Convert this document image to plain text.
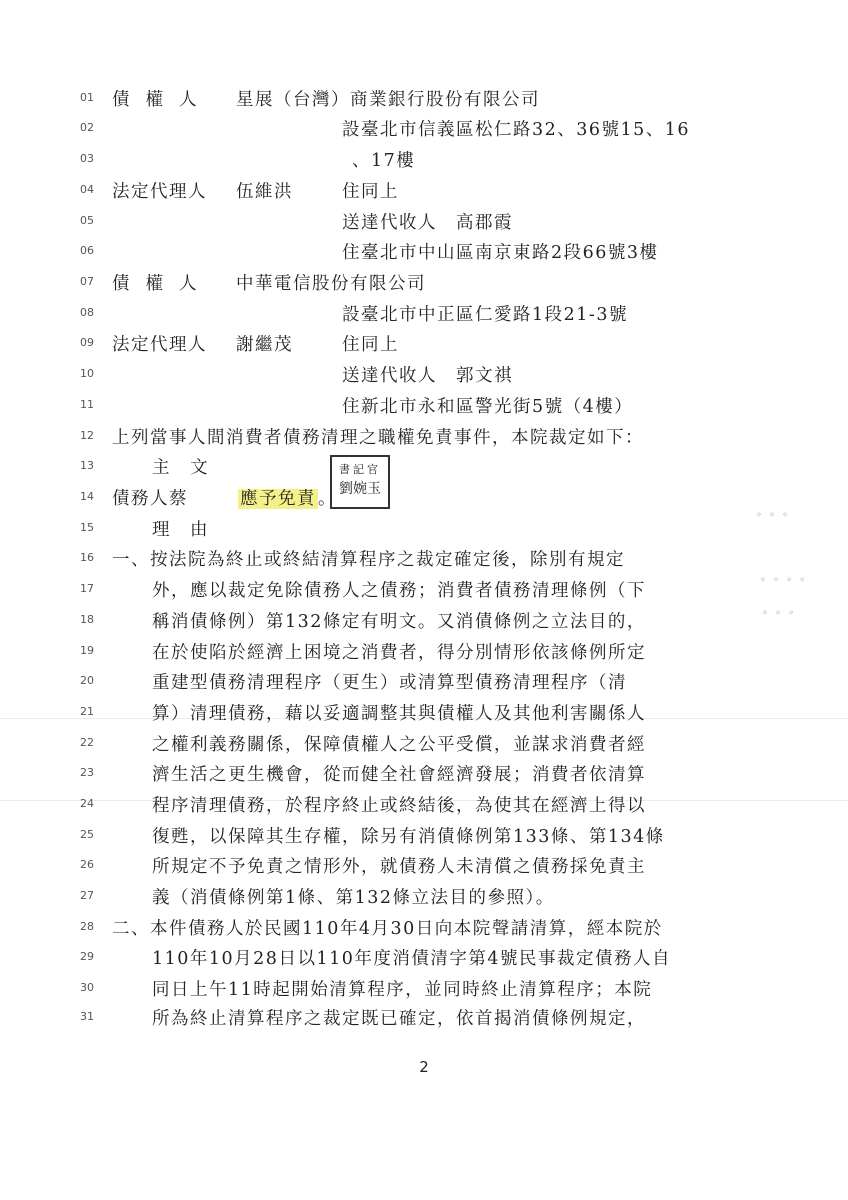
01
02
03
04
05
06
07
08
09
10
11
12
13
14
15
16
17
18
19
20
21
22
23
24
25
26
27
28
29
30
31
債權人 星展（台灣）商業銀行股份有限公司
設臺北市信義區松仁路32、36號15、16
、17樓
法定代理人 伍維洪	住同上
送達代收人　高郡霞
住臺北市中山區南京東路2段66號3樓
債權人 中華電信股份有限公司
設臺北市中正區仁愛路1段21-3號
法定代理人 謝繼茂	住同上
送達代收人　郭文祺
住新北市永和區警光街5號（4樓）
上列當事人間消費者債務清理之職權免責事件，本院裁定如下：
主　文
債務人蔡	應予免責 。
書記官
劉婉玉
理　由
一、按法院為終止或終結清算程序之裁定確定後，除別有規定
外，應以裁定免除債務人之債務；消費者債務清理條例（下
稱消債條例）第132條定有明文。又消債條例之立法目的，
在於使陷於經濟上困境之消費者，得分別情形依該條例所定
重建型債務清理程序（更生）或清算型債務清理程序（清
算）清理債務，藉以妥適調整其與債權人及其他利害關係人
之權利義務關係，保障債權人之公平受償，並謀求消費者經
濟生活之更生機會，從而健全社會經濟發展；消費者依清算
程序清理債務，於程序終止或終結後，為使其在經濟上得以
復甦，以保障其生存權，除另有消債條例第133條、第134條
所規定不予免責之情形外，就債務人未清償之債務採免責主
義（消債條例第1條、第132條立法目的參照）。
二、本件債務人於民國110年4月30日向本院聲請清算，經本院於
110年10月28日以110年度消債清字第4號民事裁定債務人自
同日上午11時起開始清算程序，並同時終止清算程序；本院
所為終止清算程序之裁定既已確定，依首揭消債條例規定，
◦ ◦ ◦
◦ ◦ ◦ ◦
◦ ◦ ◦
2
